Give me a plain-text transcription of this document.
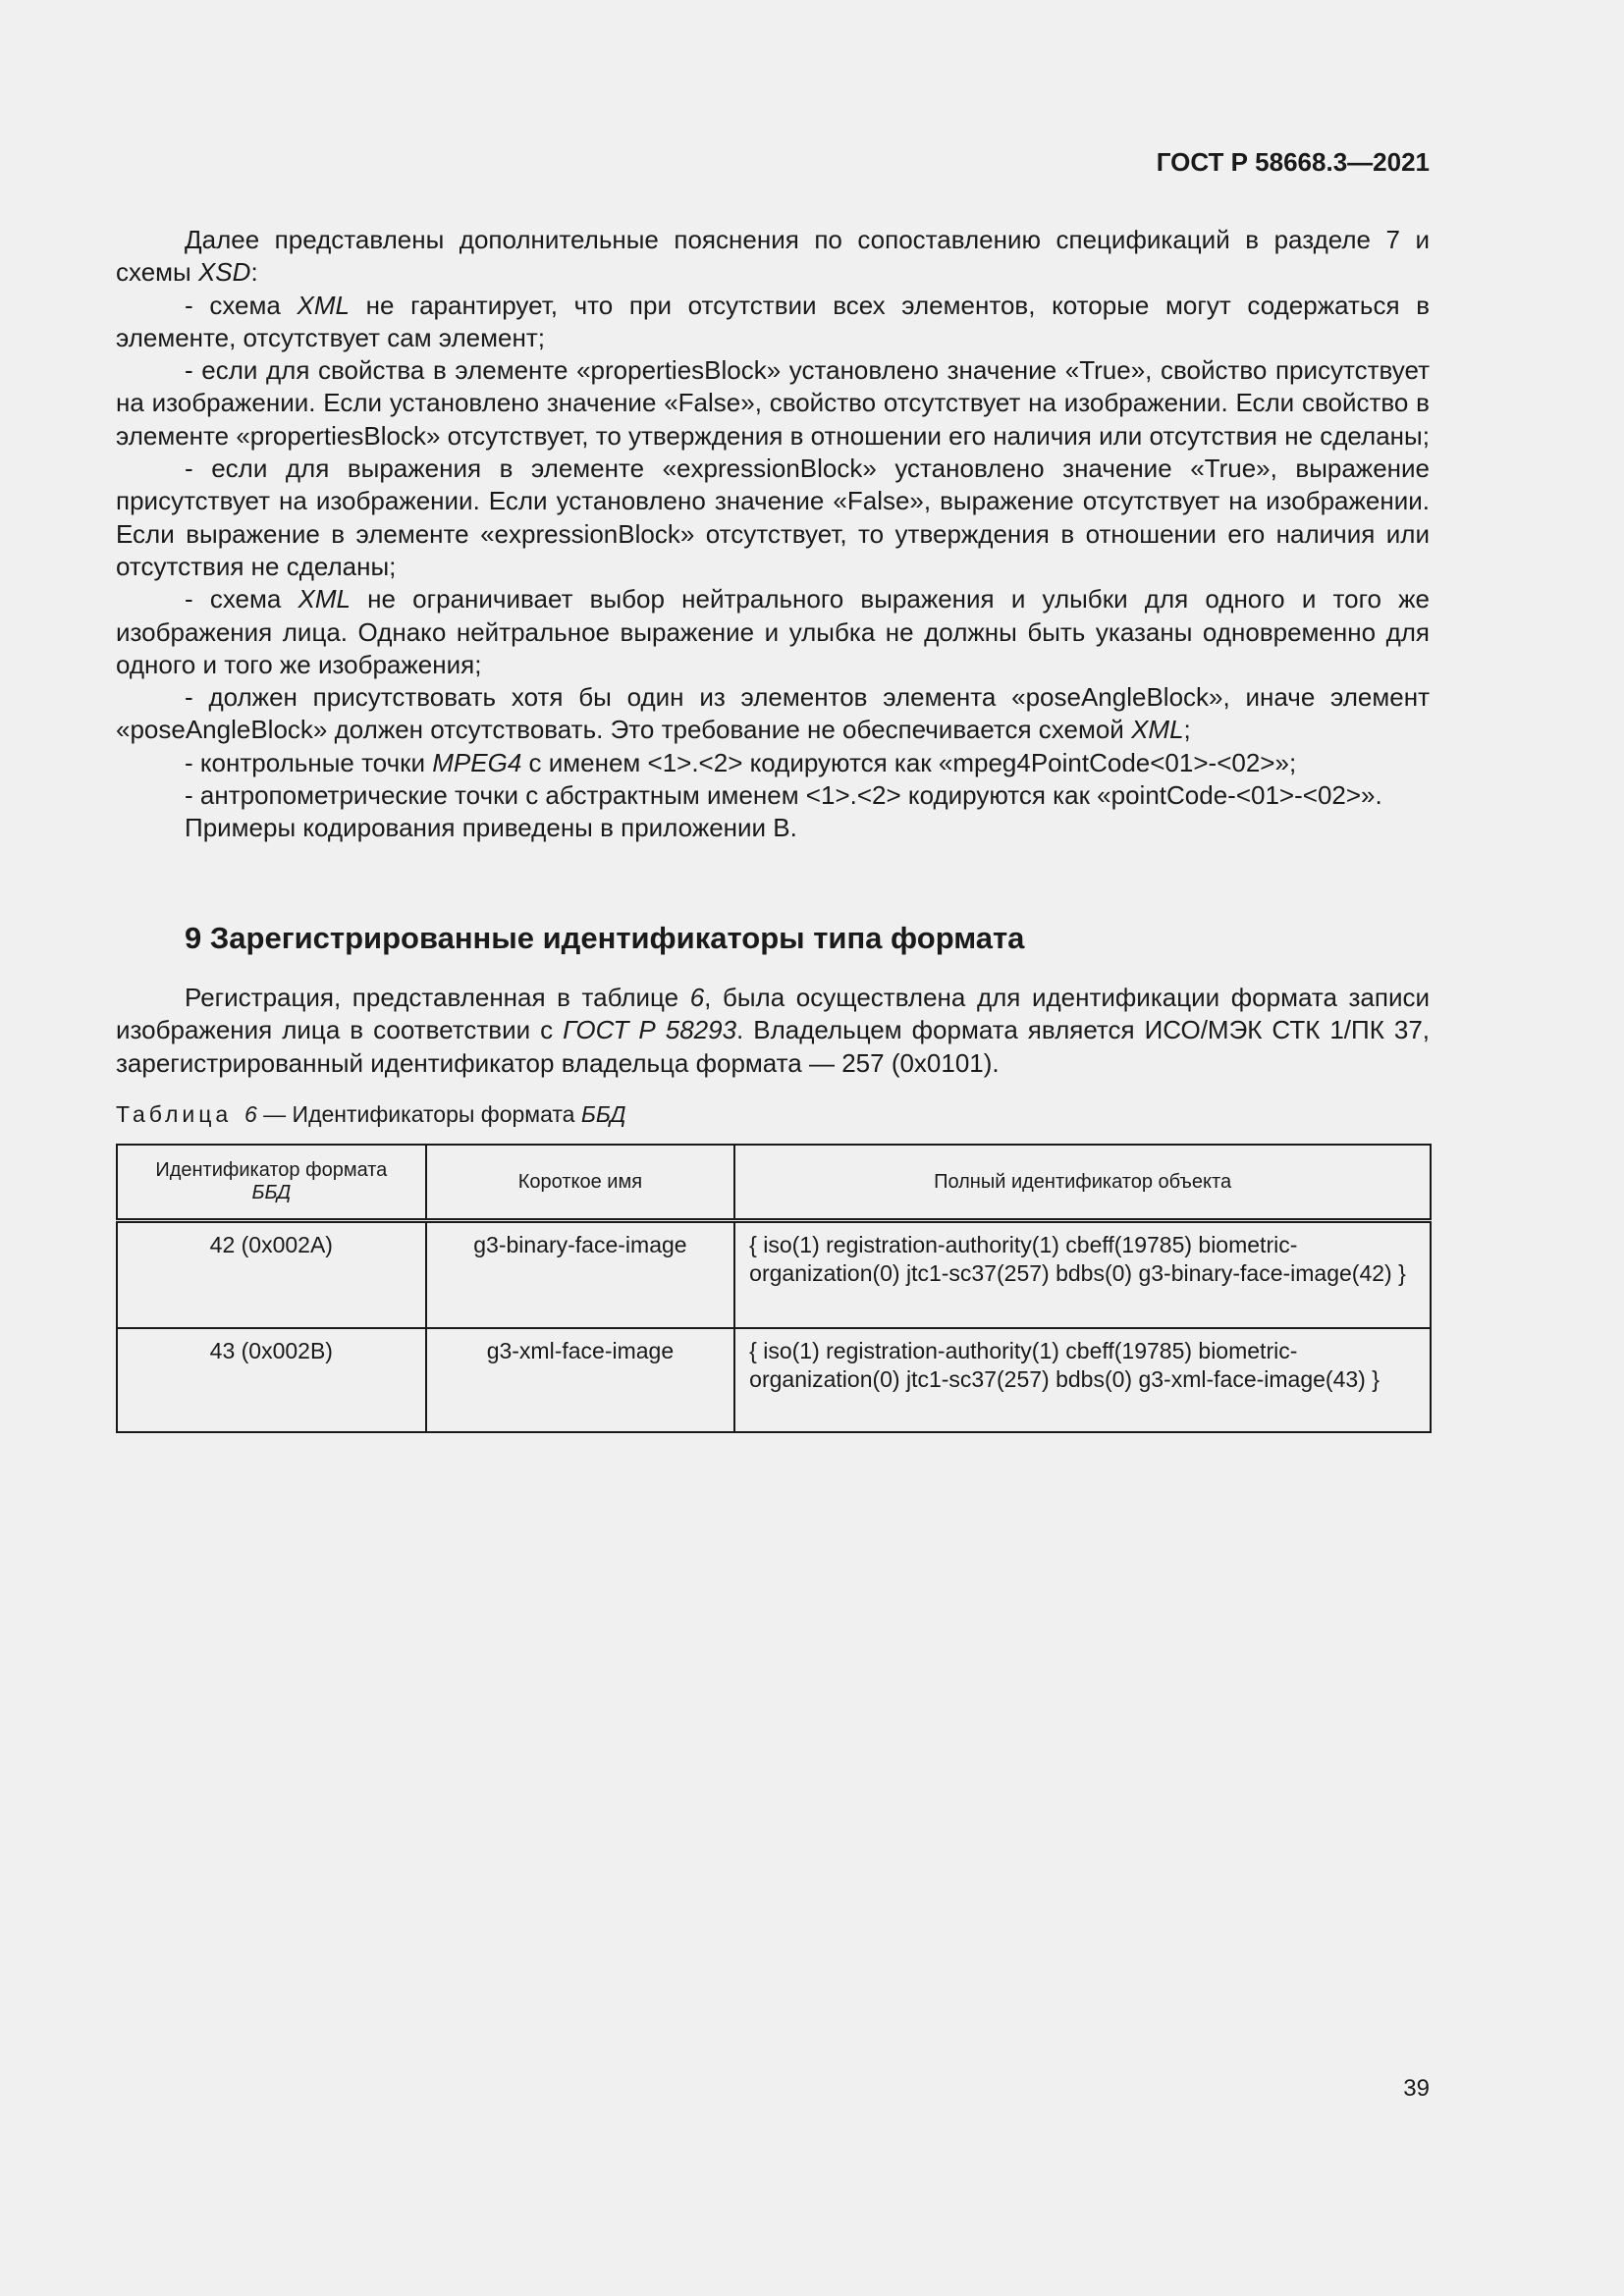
ГОСТ Р 58668.3—2021

Далее представлены дополнительные пояснения по сопоставлению спецификаций в разделе 7 и схемы XSD:

- схема XML не гарантирует, что при отсутствии всех элементов, которые могут содержаться в элементе, отсутствует сам элемент;

- если для свойства в элементе «propertiesBlock» установлено значение «True», свойство присутствует на изображении. Если установлено значение «False», свойство отсутствует на изображении. Если свойство в элементе «propertiesBlock» отсутствует, то утверждения в отношении его наличия или отсутствия не сделаны;

- если для выражения в элементе «expressionBlock» установлено значение «True», выражение присутствует на изображении. Если установлено значение «False», выражение отсутствует на изображении. Если выражение в элементе «expressionBlock» отсутствует, то утверждения в отношении его наличия или отсутствия не сделаны;

- схема XML не ограничивает выбор нейтрального выражения и улыбки для одного и того же изображения лица. Однако нейтральное выражение и улыбка не должны быть указаны одновременно для одного и того же изображения;

- должен присутствовать хотя бы один из элементов элемента «poseAngleBlock», иначе элемент «poseAngleBlock» должен отсутствовать. Это требование не обеспечивается схемой XML;

- контрольные точки MPEG4 с именем <1>.<2> кодируются как «mpeg4PointCode<01>-<02>»;

- антропометрические точки с абстрактным именем <1>.<2> кодируются как «pointCode-<01>-<02>».

Примеры кодирования приведены в приложении В.

9 Зарегистрированные идентификаторы типа формата

Регистрация, представленная в таблице 6, была осуществлена для идентификации формата записи изображения лица в соответствии с ГОСТ Р 58293. Владельцем формата является ИСО/МЭК СТК 1/ПК 37, зарегистрированный идентификатор владельца формата — 257 (0x0101).

Таблица 6 — Идентификаторы формата ББД
Идентификатор формата
ББД	Короткое имя	Полный идентификатор объекта
42 (0x002A)	g3-binary-face-image	{ iso(1) registration-authority(1) cbeff(19785) biometric-organization(0) jtc1-sc37(257) bdbs(0) g3-binary-face-image(42) }
43 (0x002B)	g3-xml-face-image	{ iso(1) registration-authority(1) cbeff(19785) biometric-organization(0) jtc1-sc37(257) bdbs(0) g3-xml-face-image(43) }
39
